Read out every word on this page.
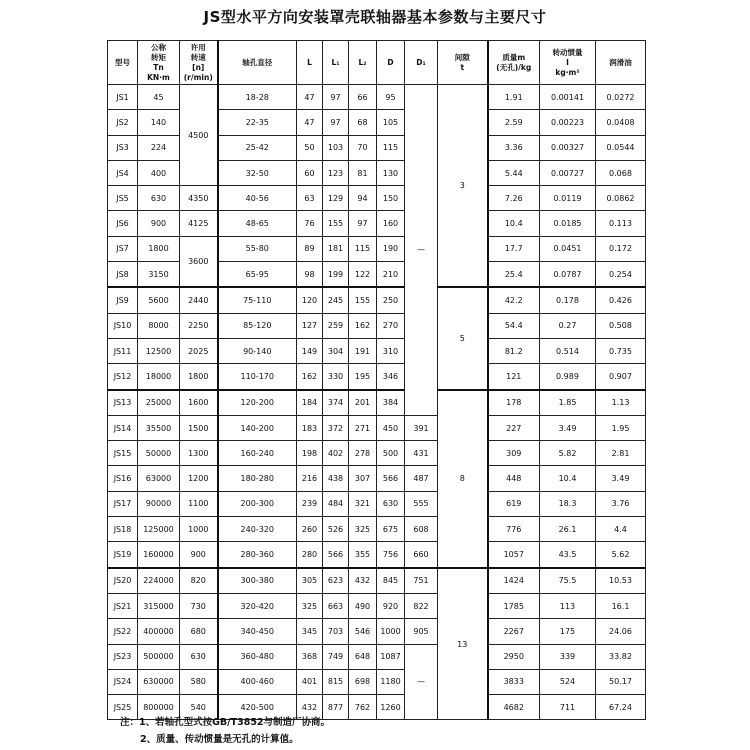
JS型水平方向安装罩壳联轴器基本参数与主要尺寸
型号	公称
转矩
Tn
KN·m	许用
转速
[n]
(r/min)	轴孔直径	L	L₁	L₂	D	D₁	间隙
t	质量m
(无孔)/kg	转动惯量
I
kg·m²	润滑油
JS1	45	4500	18-28	47	97	66	95	—	3	1.91	0.00141	0.0272
JS2	140		22-35	47	97	68	105			2.59	0.00223	0.0408
JS3	224		25-42	50	103	70	115			3.36	0.00327	0.0544
JS4	400		32-50	60	123	81	130			5.44	0.00727	0.068
JS5	630	4350	40-56	63	129	94	150			7.26	0.0119	0.0862
JS6	900	4125	48-65	76	155	97	160			10.4	0.0185	0.113
JS7	1800	3600	55-80	89	181	115	190			17.7	0.0451	0.172
JS8	3150		65-95	98	199	122	210			25.4	0.0787	0.254
JS9	5600	2440	75-110	120	245	155	250		5	42.2	0.178	0.426
JS10	8000	2250	85-120	127	259	162	270			54.4	0.27	0.508
JS11	12500	2025	90-140	149	304	191	310			81.2	0.514	0.735
JS12	18000	1800	110-170	162	330	195	346			121	0.989	0.907
JS13	25000	1600	120-200	184	374	201	384		8	178	1.85	1.13
JS14	35500	1500	140-200	183	372	271	450	391		227	3.49	1.95
JS15	50000	1300	160-240	198	402	278	500	431		309	5.82	2.81
JS16	63000	1200	180-280	216	438	307	566	487		448	10.4	3.49
JS17	90000	1100	200-300	239	484	321	630	555		619	18.3	3.76
JS18	125000	1000	240-320	260	526	325	675	608		776	26.1	4.4
JS19	160000	900	280-360	280	566	355	756	660		1057	43.5	5.62
JS20	224000	820	300-380	305	623	432	845	751	13	1424	75.5	10.53
JS21	315000	730	320-420	325	663	490	920	822		1785	113	16.1
JS22	400000	680	340-450	345	703	546	1000	905		2267	175	24.06
JS23	500000	630	360-480	368	749	648	1087	—		2950	339	33.82
JS24	630000	580	400-460	401	815	698	1180			3833	524	50.17
JS25	800000	540	420-500	432	877	762	1260			4682	711	67.24
注：1、若轴孔型式按GB/T3852与制造厂协商。
2、质量、传动惯量是无孔的计算值。
